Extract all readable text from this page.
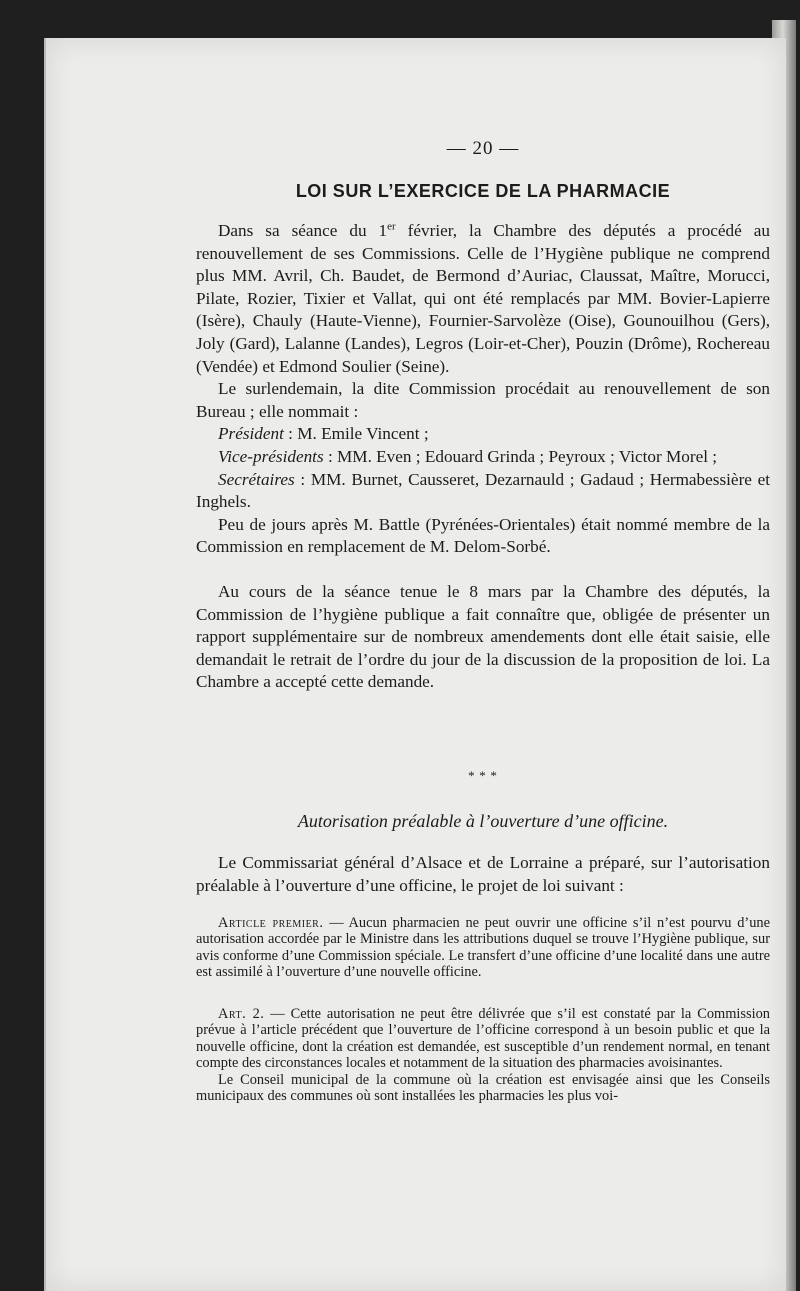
— 20 —
LOI SUR L’EXERCICE DE LA PHARMACIE

Dans sa séance du 1er février, la Chambre des députés a procédé au renouvellement de ses Commissions. Celle de l’Hygiène publique ne comprend plus MM. Avril, Ch. Baudet, de Bermond d’Auriac, Claussat, Maître, Morucci, Pilate, Rozier, Tixier et Vallat, qui ont été remplacés par MM. Bovier-Lapierre (Isère), Chauly (Haute-Vienne), Fournier-Sarvolèze (Oise), Gounouilhou (Gers), Joly (Gard), Lalanne (Landes), Legros (Loir-et-Cher), Pouzin (Drôme), Rochereau (Vendée) et Edmond Soulier (Seine).

Le surlendemain, la dite Commission procédait au renouvellement de son Bureau ; elle nommait :

Président : M. Emile Vincent ;

Vice-présidents : MM. Even ; Edouard Grinda ; Peyroux ; Victor Morel ;

Secrétaires : MM. Burnet, Causseret, Dezarnauld ; Gadaud ; Hermabessière et Inghels.

Peu de jours après M. Battle (Pyrénées-Orientales) était nommé membre de la Commission en remplacement de M. Delom-Sorbé.

Au cours de la séance tenue le 8 mars par la Chambre des députés, la Commission de l’hygiène publique a fait connaître que, obligée de présenter un rapport supplémentaire sur de nombreux amendements dont elle était saisie, elle demandait le retrait de l’ordre du jour de la discussion de la proposition de loi. La Chambre a accepté cette demande.

* * *
Autorisation préalable à l’ouverture d’une officine.

Le Commissariat général d’Alsace et de Lorraine a préparé, sur l’autorisation préalable à l’ouverture d’une officine, le projet de loi suivant :

Article premier. — Aucun pharmacien ne peut ouvrir une officine s’il n’est pourvu d’une autorisation accordée par le Ministre dans les attributions duquel se trouve l’Hygiène publique, sur avis conforme d’une Commission spéciale. Le transfert d’une officine d’une localité dans une autre est assimilé à l’ouverture d’une nouvelle officine.

Art. 2. — Cette autorisation ne peut être délivrée que s’il est constaté par la Commission prévue à l’article précédent que l’ouverture de l’officine correspond à un besoin public et que la nouvelle officine, dont la création est demandée, est susceptible d’un rendement normal, en tenant compte des circonstances locales et notamment de la situation des pharmacies avoisinantes.

Le Conseil municipal de la commune où la création est envisagée ainsi que les Conseils municipaux des communes où sont installées les pharmacies les plus voi-
